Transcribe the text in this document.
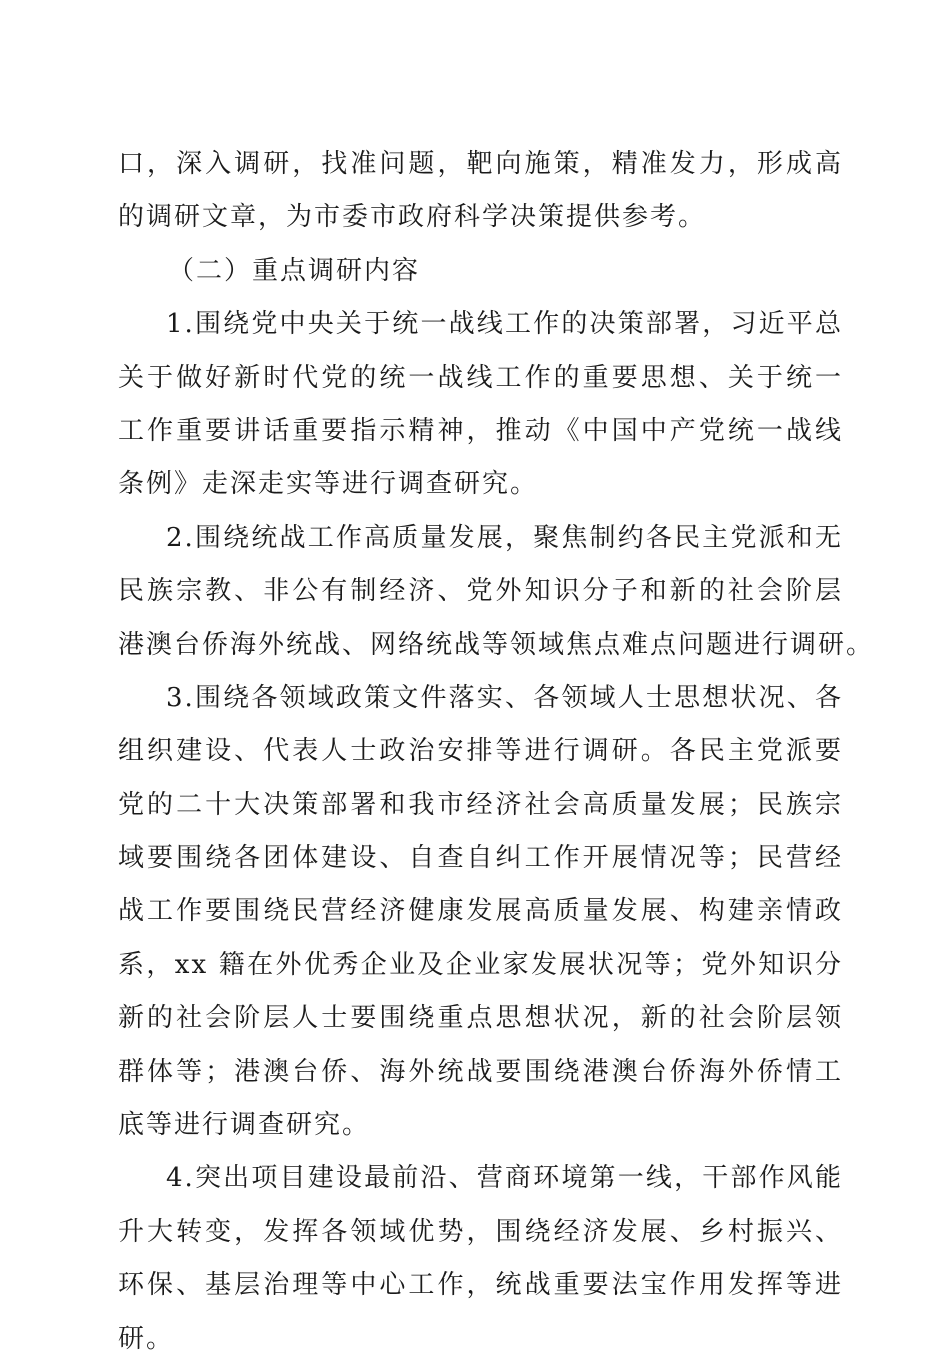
口，深入调研，找准问题，靶向施策，精准发力，形成高
的调研文章，为市委市政府科学决策提供参考。
（二）重点调研内容
1.围绕党中央关于统一战线工作的决策部署，习近平总
关于做好新时代党的统一战线工作的重要思想、关于统一
工作重要讲话重要指示精神，推动《中国中产党统一战线
条例》走深走实等进行调查研究。
2.围绕统战工作高质量发展，聚焦制约各民主党派和无
民族宗教、非公有制经济、党外知识分子和新的社会阶层
港澳台侨海外统战、网络统战等领域焦点难点问题进行调研。
3.围绕各领域政策文件落实、各领域人士思想状况、各
组织建设、代表人士政治安排等进行调研。各民主党派要
党的二十大决策部署和我市经济社会高质量发展；民族宗
域要围绕各团体建设、自查自纠工作开展情况等；民营经
战工作要围绕民营经济健康发展高质量发展、构建亲情政
系，xx 籍在外优秀企业及企业家发展状况等；党外知识分
新的社会阶层人士要围绕重点思想状况，新的社会阶层领
群体等；港澳台侨、海外统战要围绕港澳台侨海外侨情工
底等进行调查研究。
4.突出项目建设最前沿、营商环境第一线，干部作风能
升大转变，发挥各领域优势，围绕经济发展、乡村振兴、
环保、基层治理等中心工作，统战重要法宝作用发挥等进
研。
